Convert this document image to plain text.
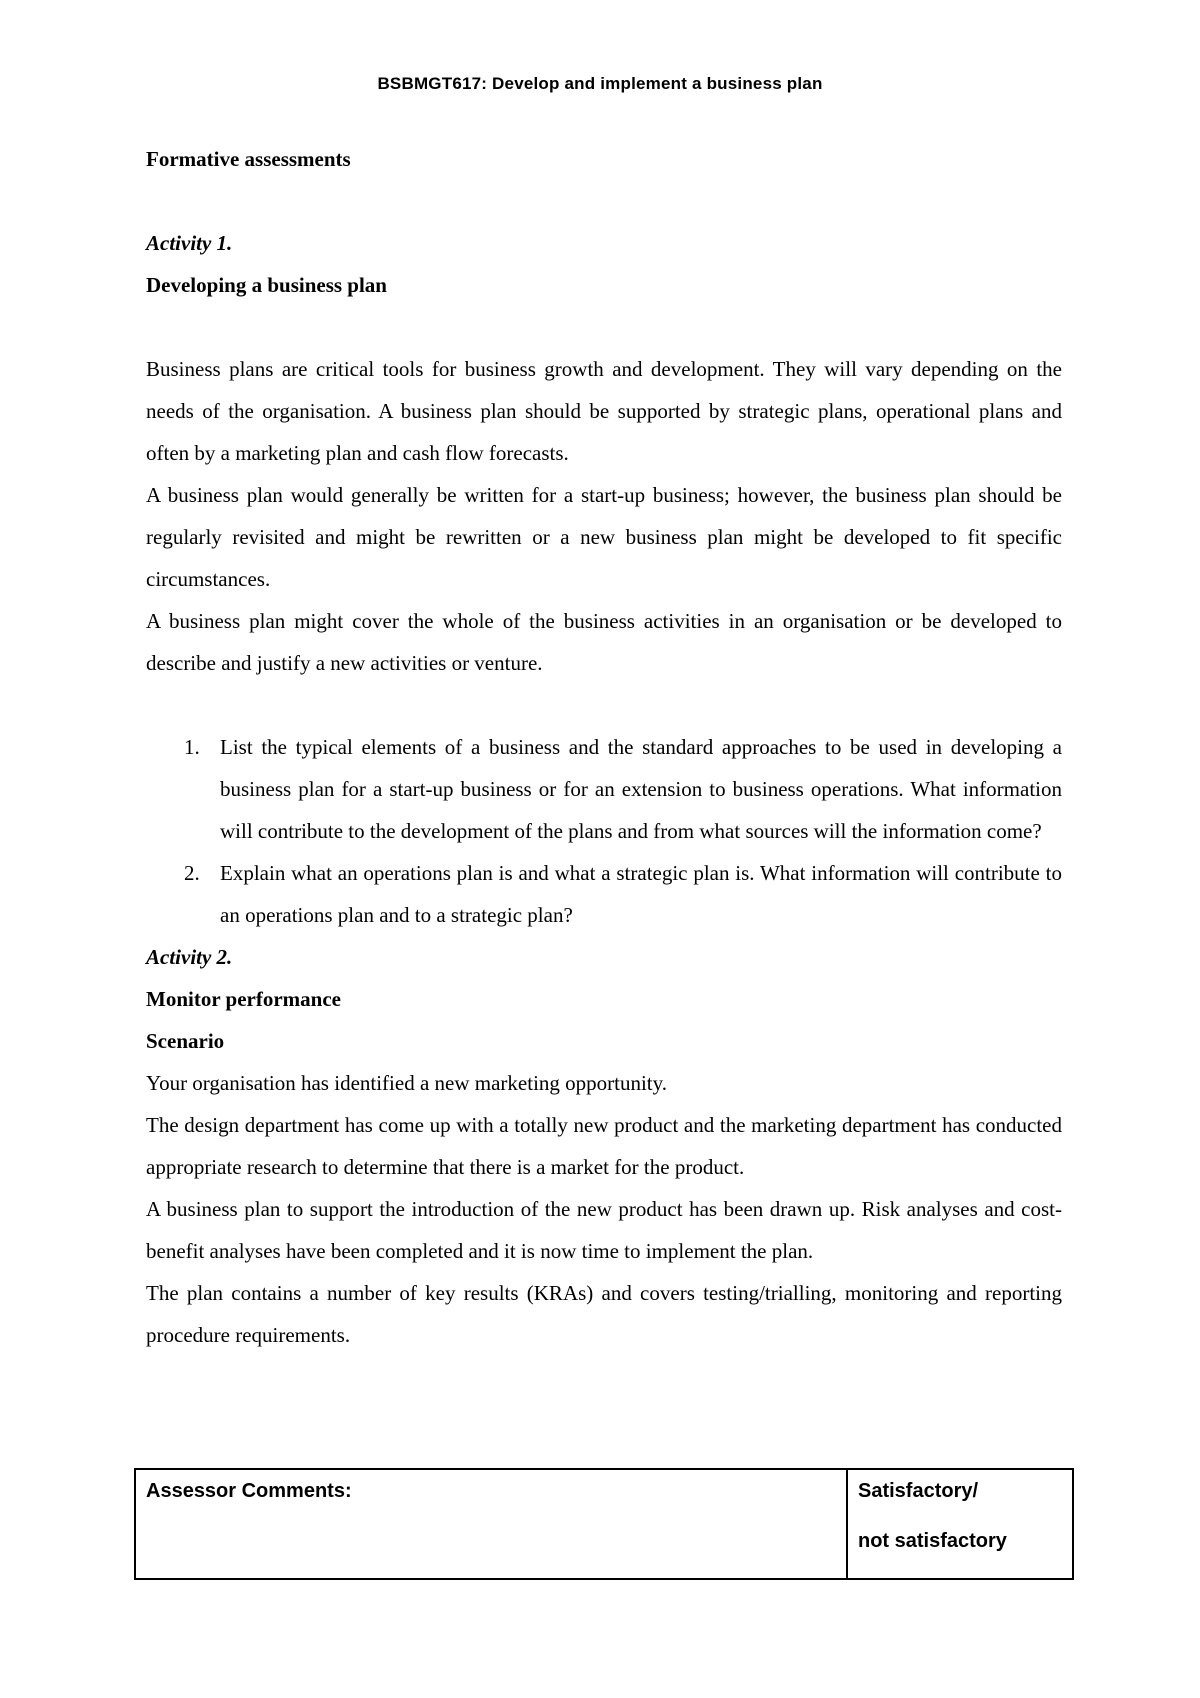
BSBMGT617: Develop and implement a business plan

Formative assessments

Activity 1.

Developing a business plan

Business plans are critical tools for business growth and development. They will vary depending on the needs of the organisation. A business plan should be supported by strategic plans, operational plans and often by a marketing plan and cash flow forecasts.

A business plan would generally be written for a start-up business; however, the business plan should be regularly revisited and might be rewritten or a new business plan might be developed to fit specific circumstances.

A business plan might cover the whole of the business activities in an organisation or be developed to describe and justify a new activities or venture.

1. List the typical elements of a business and the standard approaches to be used in developing a business plan for a start-up business or for an extension to business operations. What information will contribute to the development of the plans and from what sources will the information come?
2. Explain what an operations plan is and what a strategic plan is. What information will contribute to an operations plan and to a strategic plan?

Activity 2.

Monitor performance

Scenario

Your organisation has identified a new marketing opportunity.

The design department has come up with a totally new product and the marketing department has conducted appropriate research to determine that there is a market for the product.

A business plan to support the introduction of the new product has been drawn up. Risk analyses and cost-benefit analyses have been completed and it is now time to implement the plan.

The plan contains a number of key results (KRAs) and covers testing/trialling, monitoring and reporting procedure requirements.

Assessor Comments:	Satisfactory/
not satisfactory
